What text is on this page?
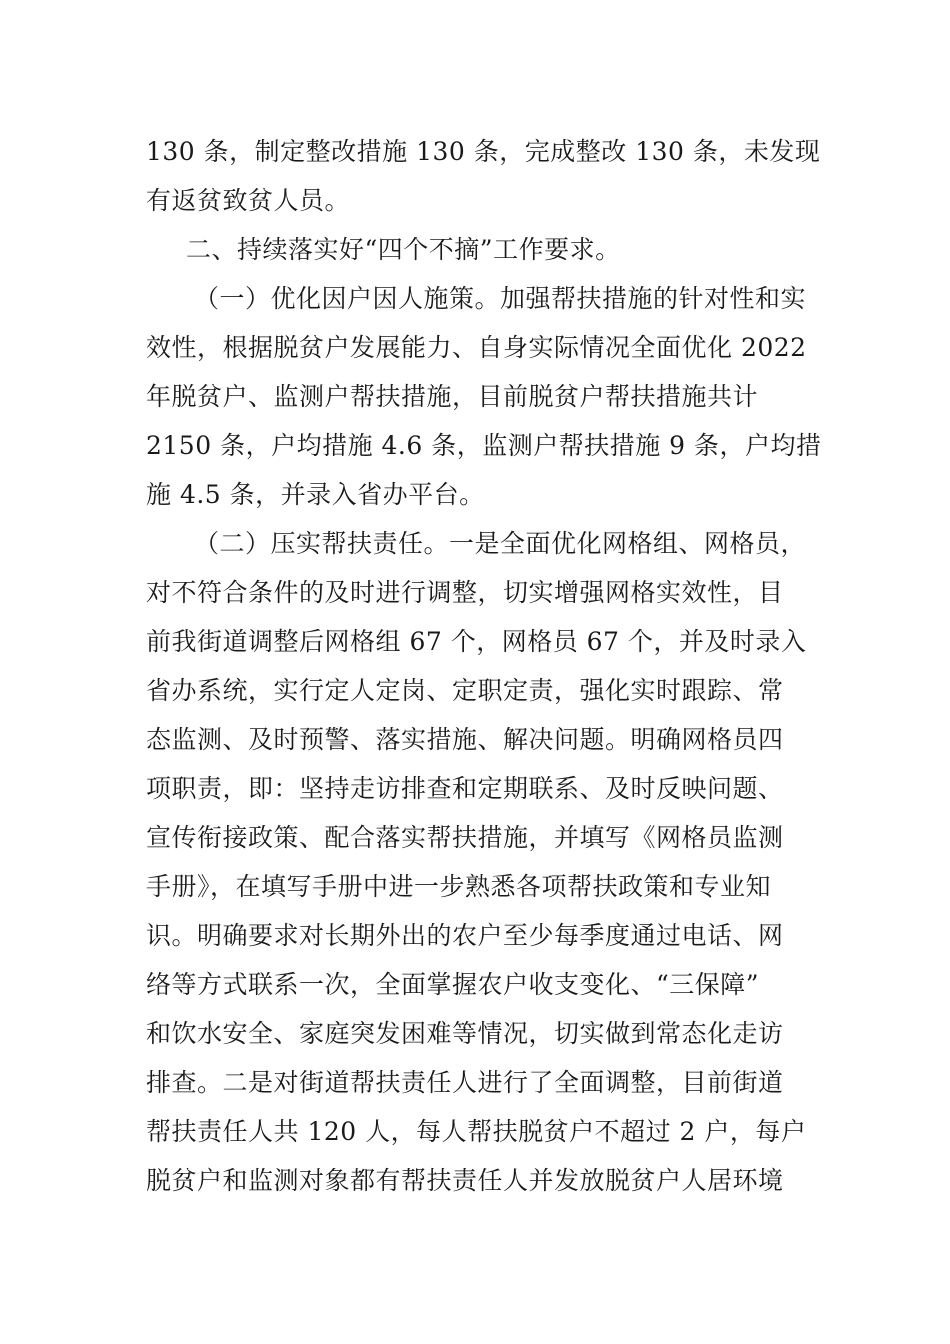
130 条，制定整改措施 130 条，完成整改 130 条，未发现
有返贫致贫人员。
二、持续落实好“四个不摘”工作要求。
（一）优化因户因人施策。加强帮扶措施的针对性和实
效性，根据脱贫户发展能力、自身实际情况全面优化 2022
年脱贫户、监测户帮扶措施，目前脱贫户帮扶措施共计
2150 条，户均措施 4.6 条，监测户帮扶措施 9 条，户均措
施 4.5 条，并录入省办平台。
（二）压实帮扶责任。一是全面优化网格组、网格员，
对不符合条件的及时进行调整，切实增强网格实效性，目
前我街道调整后网格组 67 个，网格员 67 个，并及时录入
省办系统，实行定人定岗、定职定责，强化实时跟踪、常
态监测、及时预警、落实措施、解决问题。明确网格员四
项职责，即：坚持走访排查和定期联系、及时反映问题、
宣传衔接政策、配合落实帮扶措施，并填写《网格员监测
手册》，在填写手册中进一步熟悉各项帮扶政策和专业知
识。明确要求对长期外出的农户至少每季度通过电话、网
络等方式联系一次，全面掌握农户收支变化、“三保障”
和饮水安全、家庭突发困难等情况，切实做到常态化走访
排查。二是对街道帮扶责任人进行了全面调整，目前街道
帮扶责任人共 120 人，每人帮扶脱贫户不超过 2 户，每户
脱贫户和监测对象都有帮扶责任人并发放脱贫户人居环境
